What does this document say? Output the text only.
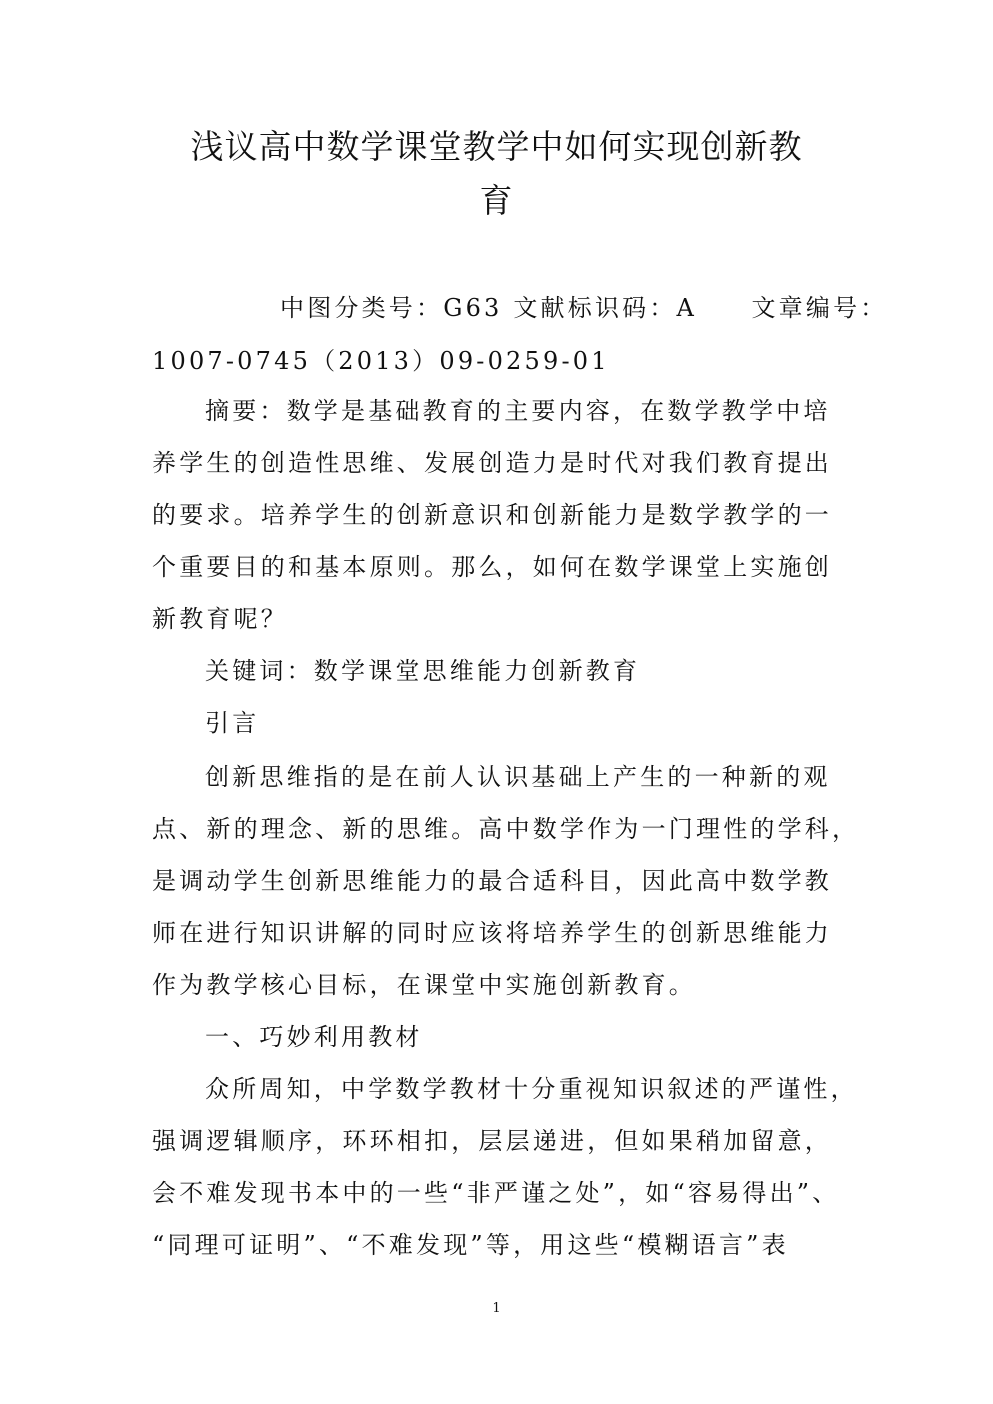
浅议高中数学课堂教学中如何实现创新教
育
中图分类号：G63 文献标识码：A　　文章编号：
1007-0745（2013）09-0259-01
摘要：数学是基础教育的主要内容，在数学教学中培
养学生的创造性思维、发展创造力是时代对我们教育提出
的要求。培养学生的创新意识和创新能力是数学教学的一
个重要目的和基本原则。那么，如何在数学课堂上实施创
新教育呢？
关键词：数学课堂思维能力创新教育
引言
创新思维指的是在前人认识基础上产生的一种新的观
点、新的理念、新的思维。高中数学作为一门理性的学科，
是调动学生创新思维能力的最合适科目，因此高中数学教
师在进行知识讲解的同时应该将培养学生的创新思维能力
作为教学核心目标，在课堂中实施创新教育。
一、巧妙利用教材
众所周知，中学数学教材十分重视知识叙述的严谨性，
强调逻辑顺序，环环相扣，层层递进，但如果稍加留意，
会不难发现书本中的一些“非严谨之处”，如“容易得出”、
“同理可证明”、“不难发现”等，用这些“模糊语言”表
1
